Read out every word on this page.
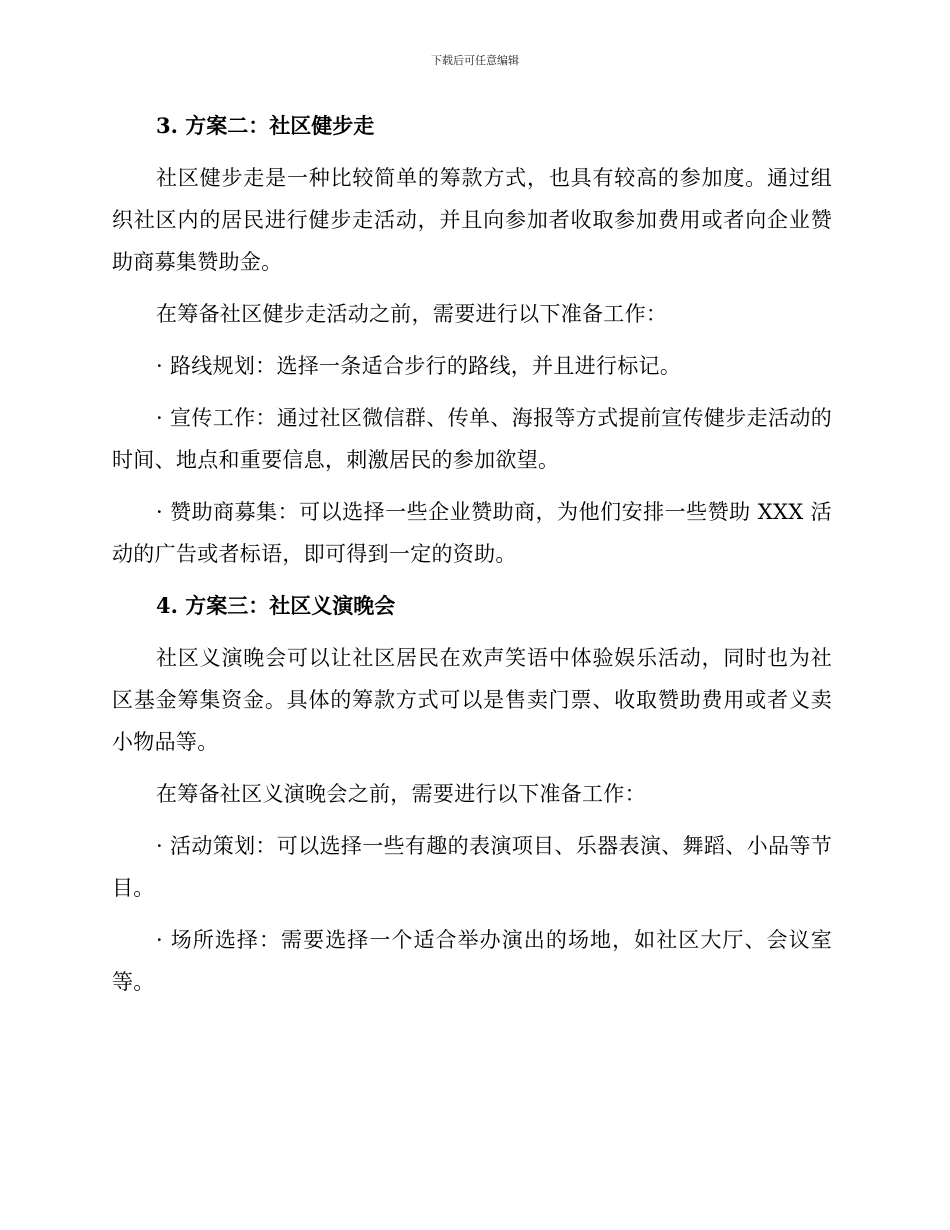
下载后可任意编辑
3. 方案二：社区健步走

社区健步走是一种比较简单的筹款方式，也具有较高的参加度。通过组织社区内的居民进行健步走活动，并且向参加者收取参加费用或者向企业赞助商募集赞助金。

在筹备社区健步走活动之前，需要进行以下准备工作：

· 路线规划：选择一条适合步行的路线，并且进行标记。

· 宣传工作：通过社区微信群、传单、海报等方式提前宣传健步走活动的时间、地点和重要信息，刺激居民的参加欲望。

· 赞助商募集：可以选择一些企业赞助商，为他们安排一些赞助 XXX 活动的广告或者标语，即可得到一定的资助。

4. 方案三：社区义演晚会

社区义演晚会可以让社区居民在欢声笑语中体验娱乐活动，同时也为社区基金筹集资金。具体的筹款方式可以是售卖门票、收取赞助费用或者义卖小物品等。

在筹备社区义演晚会之前，需要进行以下准备工作：

· 活动策划：可以选择一些有趣的表演项目、乐器表演、舞蹈、小品等节目。

· 场所选择：需要选择一个适合举办演出的场地，如社区大厅、会议室等。
